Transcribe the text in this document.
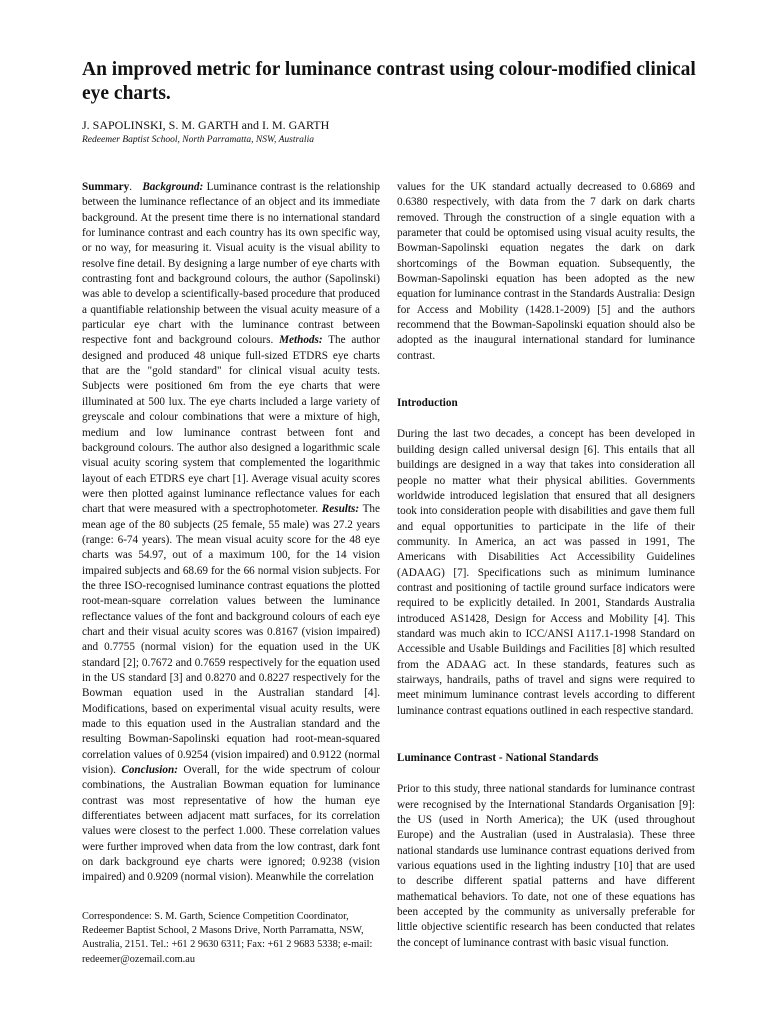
An improved metric for luminance contrast using colour-modified clinical eye charts.
J. SAPOLINSKI, S. M. GARTH and I. M. GARTH
Redeemer Baptist School, North Parramatta, NSW, Australia

Summary. Background: Luminance contrast is the relationship between the luminance reflectance of an object and its immediate background. At the present time there is no international standard for luminance contrast and each country has its own specific way, or no way, for measuring it. Visual acuity is the visual ability to resolve fine detail. By designing a large number of eye charts with contrasting font and background colours, the author (Sapolinski) was able to develop a scientifically-based procedure that produced a quantifiable relationship between the visual acuity measure of a particular eye chart with the luminance contrast between respective font and background colours. Methods: The author designed and produced 48 unique full-sized ETDRS eye charts that are the "gold standard" for clinical visual acuity tests. Subjects were positioned 6m from the eye charts that were illuminated at 500 lux. The eye charts included a large variety of greyscale and colour combinations that were a mixture of high, medium and low luminance contrast between font and background colours. The author also designed a logarithmic scale visual acuity scoring system that complemented the logarithmic layout of each ETDRS eye chart [1]. Average visual acuity scores were then plotted against luminance reflectance values for each chart that were measured with a spectrophotometer. Results: The mean age of the 80 subjects (25 female, 55 male) was 27.2 years (range: 6-74 years). The mean visual acuity score for the 48 eye charts was 54.97, out of a maximum 100, for the 14 vision impaired subjects and 68.69 for the 66 normal vision subjects. For the three ISO-recognised luminance contrast equations the plotted root-mean-square correlation values between the luminance reflectance values of the font and background colours of each eye chart and their visual acuity scores was 0.8167 (vision impaired) and 0.7755 (normal vision) for the equation used in the UK standard [2]; 0.7672 and 0.7659 respectively for the equation used in the US standard [3] and 0.8270 and 0.8227 respectively for the Bowman equation used in the Australian standard [4]. Modifications, based on experimental visual acuity results, were made to this equation used in the Australian standard and the resulting Bowman-Sapolinski equation had root-mean-squared correlation values of 0.9254 (vision impaired) and 0.9122 (normal vision). Conclusion: Overall, for the wide spectrum of colour combinations, the Australian Bowman equation for luminance contrast was most representative of how the human eye differentiates between adjacent matt surfaces, for its correlation values were closest to the perfect 1.000. These correlation values were further improved when data from the low contrast, dark font on dark background eye charts were ignored; 0.9238 (vision impaired) and 0.9209 (normal vision). Meanwhile the correlation

Correspondence: S. M. Garth, Science Competition Coordinator, Redeemer Baptist School, 2 Masons Drive, North Parramatta, NSW, Australia, 2151. Tel.: +61 2 9630 6311; Fax: +61 2 9683 5338; e-mail: redeemer@ozemail.com.au
values for the UK standard actually decreased to 0.6869 and 0.6380 respectively, with data from the 7 dark on dark charts removed. Through the construction of a single equation with a parameter that could be optomised using visual acuity results, the Bowman-Sapolinski equation negates the dark on dark shortcomings of the Bowman equation. Subsequently, the Bowman-Sapolinski equation has been adopted as the new equation for luminance contrast in the Standards Australia: Design for Access and Mobility (1428.1-2009) [5] and the authors recommend that the Bowman-Sapolinski equation should also be adopted as the inaugural international standard for luminance contrast.

Introduction

During the last two decades, a concept has been developed in building design called universal design [6]. This entails that all buildings are designed in a way that takes into consideration all people no matter what their physical abilities. Governments worldwide introduced legislation that ensured that all designers took into consideration people with disabilities and gave them full and equal opportunities to participate in the life of their community. In America, an act was passed in 1991, The Americans with Disabilities Act Accessibility Guidelines (ADAAG) [7]. Specifications such as minimum luminance contrast and positioning of tactile ground surface indicators were required to be explicitly detailed. In 2001, Standards Australia introduced AS1428, Design for Access and Mobility [4]. This standard was much akin to ICC/ANSI A117.1-1998 Standard on Accessible and Usable Buildings and Facilities [8] which resulted from the ADAAG act. In these standards, features such as stairways, handrails, paths of travel and signs were required to meet minimum luminance contrast levels according to different luminance contrast equations outlined in each respective standard.

Luminance Contrast - National Standards

Prior to this study, three national standards for luminance contrast were recognised by the International Standards Organisation [9]: the US (used in North America); the UK (used throughout Europe) and the Australian (used in Australasia). These three national standards use luminance contrast equations derived from various equations used in the lighting industry [10] that are used to describe different spatial patterns and have different mathematical behaviors. To date, not one of these equations has been accepted by the community as universally preferable for little objective scientific research has been conducted that relates the concept of luminance contrast with basic visual function.
